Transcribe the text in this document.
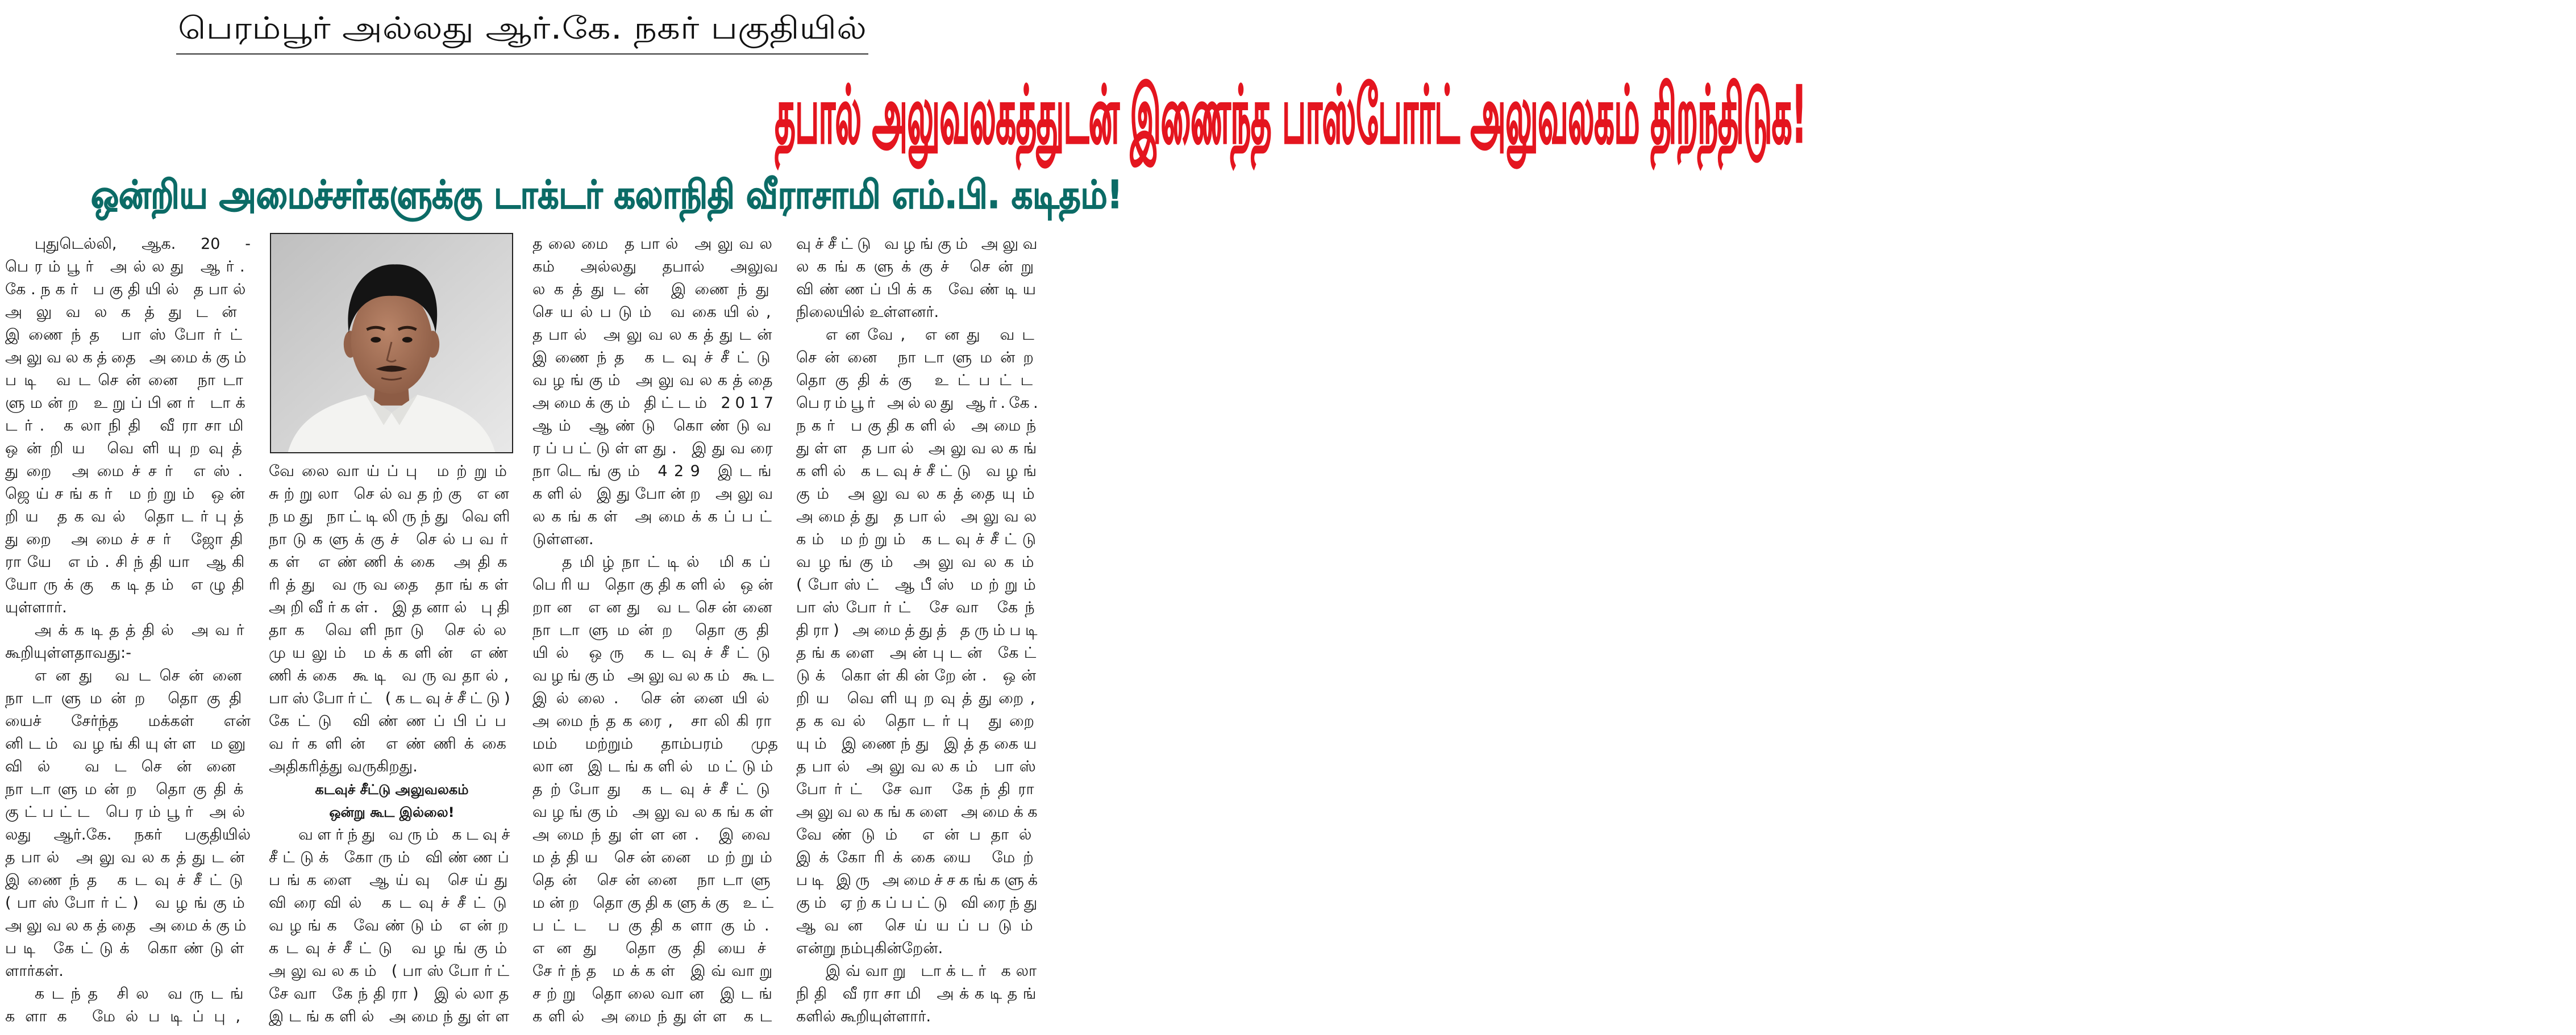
பெரம்பூர் அல்லது ஆர்.கே. நகர் பகுதியில்
தபால் அலுவலகத்துடன் இணைந்த பாஸ்போர்ட் அலுவலகம் திறந்திடுக!
ஒன்றிய அமைச்சர்களுக்கு டாக்டர் கலாநிதி வீராசாமி எம்.பி. கடிதம்!
புதுடெல்லி, ஆக. 20 -
பெரம்பூர் அல்லது ஆர்.
கே.நகர் பகுதியில் தபால்
அலுவலகத்துடன்
இணைந்த பாஸ்போர்ட்
அலுவலகத்தை அமைக்கும்
படி வடசென்னை நாடா
ளுமன்ற உறுப்பினர் டாக்
டர். கலாநிதி வீராசாமி
ஒன்றிய வெளியுறவுத்
துறை அமைச்சர் எஸ்.
ஜெய்சங்கர் மற்றும் ஒன்
றிய தகவல் தொடர்புத்
துறை அமைச்சர் ஜோதி
ராயே எம்.சிந்தியா ஆகி
யோருக்கு கடிதம் எழுதி
யுள்ளார்.
அக்கடிதத்தில் அவர்
கூறியுள்ளதாவது:-
எனது வடசென்னை
நாடாளுமன்ற தொகுதி
யைச் சேர்ந்த மக்கள் என்
னிடம் வழங்கியுள்ள மனு
வில் வடசென்னை
நாடாளுமன்ற தொகுதிக்
குட்பட்ட பெரம்பூர் அல்
லது ஆர்.கே. நகர் பகுதியில்
தபால் அலுவலகத்துடன்
இணைந்த கடவுச்சீட்டு
(பாஸ்போர்ட்) வழங்கும்
அலுவலகத்தை அமைக்கும்
படி கேட்டுக் கொண்டுள்
ளார்கள்.
கடந்த சில வருடங்
களாக மேல்படிப்பு,
வேலைவாய்ப்பு மற்றும்
சுற்றுலா செல்வதற்கு என
நமது நாட்டிலிருந்து வெளி
நாடுகளுக்குச் செல்பவர்
கள் எண்ணிக்கை அதிக
ரித்து வருவதை தாங்கள்
அறிவீர்கள். இதனால் புதி
தாக வெளிநாடு செல்ல
முயலும் மக்களின் எண்
ணிக்கை கூடி வருவதால்,
பாஸ்போர்ட் (கடவுச்சீட்டு)
கேட்டு விண்ணப்பிப்ப
வர்களின் எண்ணிக்கை
அதிகரித்து வருகிறது.
கடவுச் சீட்டு அலுவலகம்
ஒன்று கூட இல்லை!
வளர்ந்து வரும் கடவுச்
சீட்டுக் கோரும் விண்ணப்
பங்களை ஆய்வு செய்து
விரைவில் கடவுச்சீட்டு
வழங்க வேண்டும் என்ற
கடவுச்சீட்டு வழங்கும்
அலுவலகம் (பாஸ்போர்ட்
சேவா கேந்திரா) இல்லாத
இடங்களில் அமைந்துள்ள
தலைமை தபால் அலுவல
கம் அல்லது தபால் அலுவ
லகத்துடன் இணைந்து
செயல்படும் வகையில்,
தபால் அலுவலகத்துடன்
இணைந்த கடவுச்சீட்டு
வழங்கும் அலுவலகத்தை
அமைக்கும் திட்டம் 2017
ஆம் ஆண்டு கொண்டுவ
ரப்பட்டுள்ளது. இதுவரை
நாடெங்கும் 429 இடங்
களில் இதுபோன்ற அலுவ
லகங்கள் அமைக்கப்பட்
டுள்ளன.
தமிழ்நாட்டில் மிகப்
பெரிய தொகுதிகளில் ஒன்
றான எனது வடசென்னை
நாடாளுமன்ற தொகுதி
யில் ஒரு கடவுச்சீட்டு
வழங்கும் அலுவலகம் கூட
இல்லை. சென்னையில்
அமைந்தகரை, சாலிகிரா
மம் மற்றும் தாம்பரம் முத
லான இடங்களில் மட்டும்
தற்போது கடவுச்சீட்டு
வழங்கும் அலுவலகங்கள்
அமைந்துள்ளன. இவை
மத்திய சென்னை மற்றும்
தென் சென்னை நாடாளு
மன்ற தொகுதிகளுக்கு உட்
பட்ட பகுதிகளாகும்.
எனது தொகுதியைச்
சேர்ந்த மக்கள் இவ்வாறு
சற்று தொலைவான இடங்
களில் அமைந்துள்ள கட
வுச்சீட்டு வழங்கும் அலுவ
லகங்களுக்குச் சென்று
விண்ணப்பிக்க வேண்டிய
நிலையில் உள்ளனர்.
எனவே, எனது வட
சென்னை நாடாளுமன்ற
தொகுதிக்கு உட்பட்ட
பெரம்பூர் அல்லது ஆர்.கே.
நகர் பகுதிகளில் அமைந்
துள்ள தபால் அலுவலகங்
களில் கடவுச்சீட்டு வழங்
கும் அலுவலகத்தையும்
அமைத்து தபால் அலுவல
கம் மற்றும் கடவுச்சீட்டு
வழங்கும் அலுவலகம்
(போஸ்ட் ஆபீஸ் மற்றும்
பாஸ்போர்ட் சேவா கேந்
திரா) அமைத்துத் தரும்படி
தங்களை அன்புடன் கேட்
டுக் கொள்கின்றேன். ஒன்
றிய வெளியுறவுத்துறை,
தகவல் தொடர்பு துறை
யும் இணைந்து இத்தகைய
தபால் அலுவலகம் பாஸ்
போர்ட் சேவா கேந்திரா
அலுவலகங்களை அமைக்க
வேண்டும் என்பதால்
இக்கோரிக்கையை மேற்
படி இரு அமைச்சகங்களுக்
கும் ஏற்கப்பட்டு விரைந்து
ஆவன செய்யப்படும்
என்று நம்புகின்றேன்.
இவ்வாறு டாக்டர் கலா
நிதி வீராசாமி அக்கடிதங்
களில் கூறியுள்ளார்.
